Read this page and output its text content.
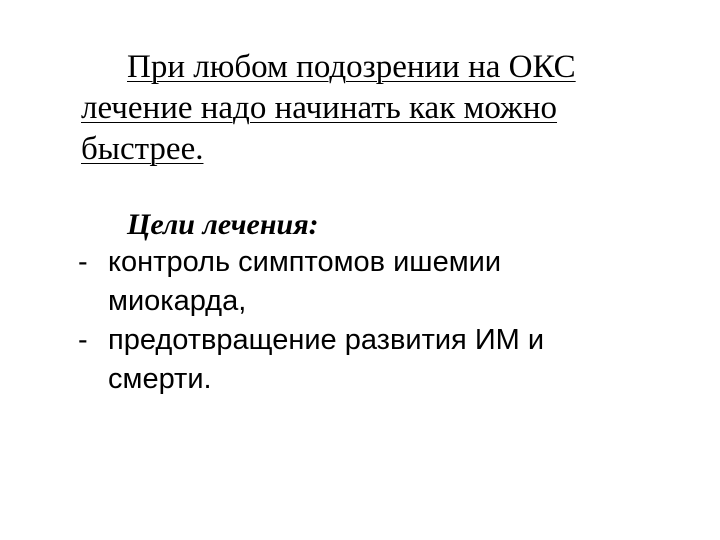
При любом подозрении на ОКС лечение надо начинать как можно быстрее.

Цели лечения:

- контроль симптомов ишемии миокарда,
- предотвращение развития ИМ и смерти.
